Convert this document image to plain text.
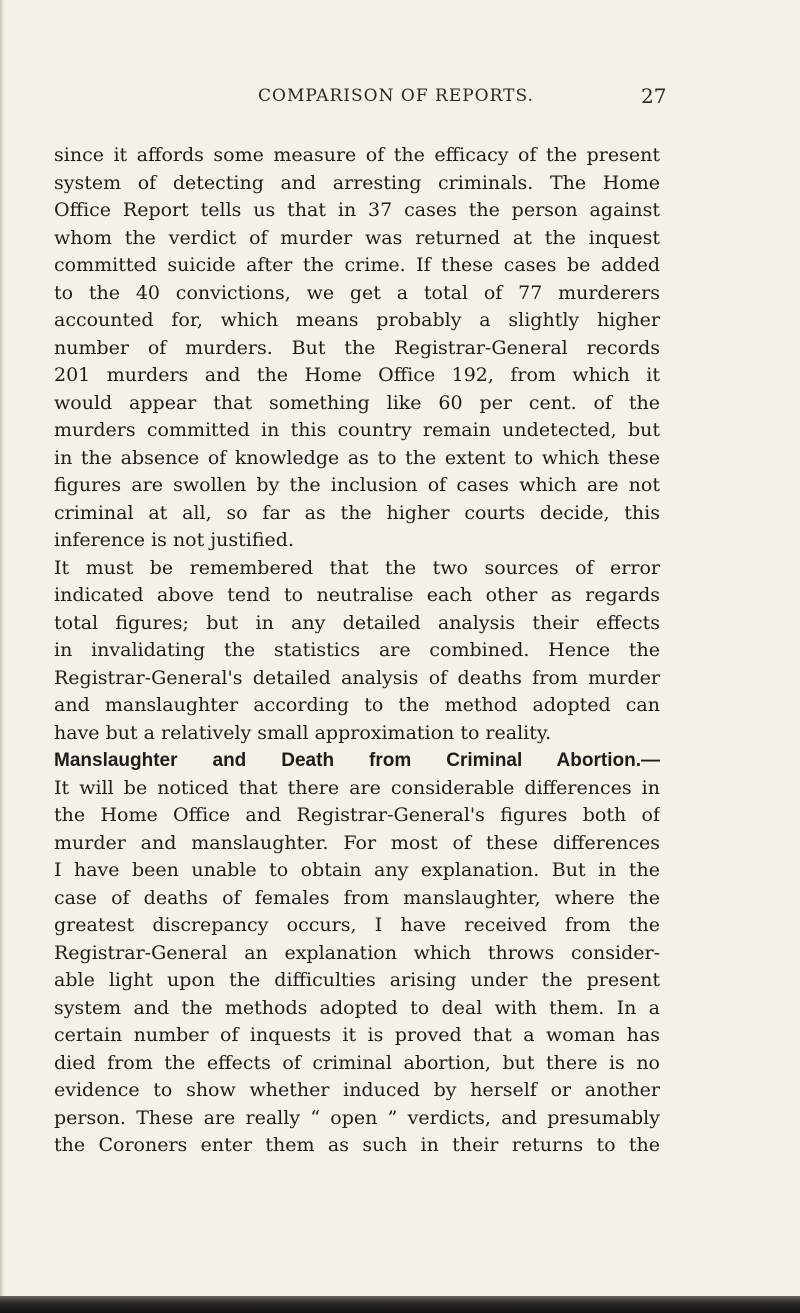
COMPARISON OF REPORTS.	27
since it affords some measure of the efficacy of the present
system of detecting and arresting criminals. The Home
Office Report tells us that in 37 cases the person against
whom the verdict of murder was returned at the inquest
committed suicide after the crime. If these cases be added
to the 40 convictions, we get a total of 77 murderers
accounted for, which means probably a slightly higher
number of murders. But the Registrar-General records
201 murders and the Home Office 192, from which it
would appear that something like 60 per cent. of the
murders committed in this country remain undetected, but
in the absence of knowledge as to the extent to which these
figures are swollen by the inclusion of cases which are not
criminal at all, so far as the higher courts decide, this
inference is not justified.
It must be remembered that the two sources of error
indicated above tend to neutralise each other as regards
total figures; but in any detailed analysis their effects
in invalidating the statistics are combined. Hence the
Registrar-General's detailed analysis of deaths from murder
and manslaughter according to the method adopted can
have but a relatively small approximation to reality.
Manslaughter and Death from Criminal Abortion.—
It will be noticed that there are considerable differences in
the Home Office and Registrar-General's figures both of
murder and manslaughter. For most of these differences
I have been unable to obtain any explanation. But in the
case of deaths of females from manslaughter, where the
greatest discrepancy occurs, I have received from the
Registrar-General an explanation which throws consider-
able light upon the difficulties arising under the present
system and the methods adopted to deal with them. In a
certain number of inquests it is proved that a woman has
died from the effects of criminal abortion, but there is no
evidence to show whether induced by herself or another
person. These are really “ open ” verdicts, and presumably
the Coroners enter them as such in their returns to the
